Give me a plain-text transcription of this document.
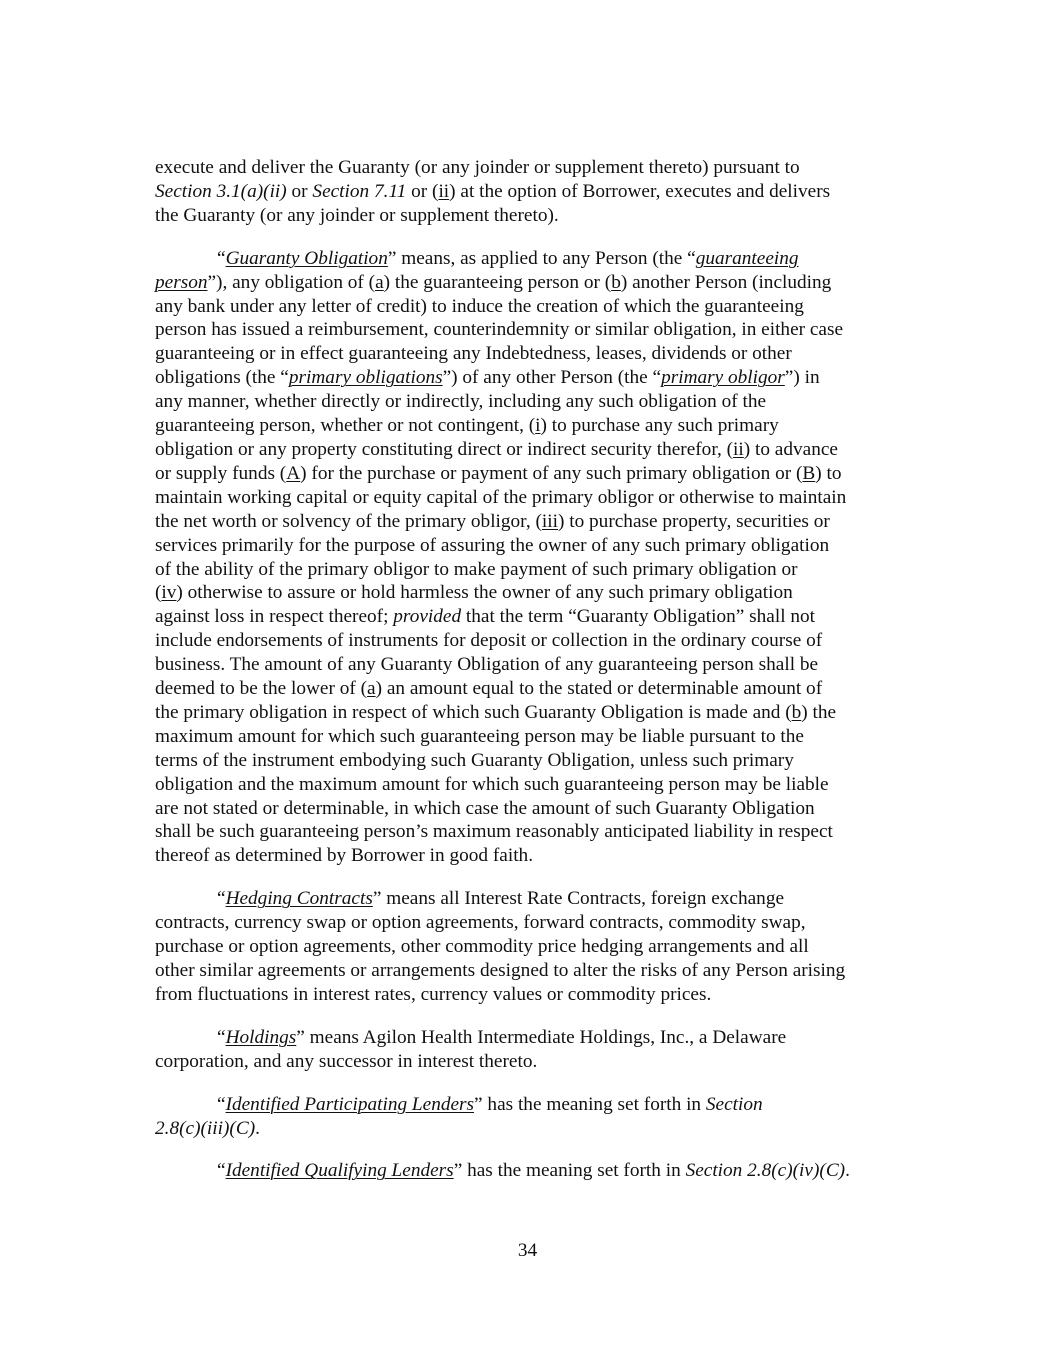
execute and deliver the Guaranty (or any joinder or supplement thereto) pursuant to
Section 3.1(a)(ii) or Section 7.11 or (ii) at the option of Borrower, executes and delivers
the Guaranty (or any joinder or supplement thereto).
“Guaranty Obligation” means, as applied to any Person (the “guaranteeing
person”), any obligation of (a) the guaranteeing person or (b) another Person (including
any bank under any letter of credit) to induce the creation of which the guaranteeing
person has issued a reimbursement, counterindemnity or similar obligation, in either case
guaranteeing or in effect guaranteeing any Indebtedness, leases, dividends or other
obligations (the “primary obligations”) of any other Person (the “primary obligor”) in
any manner, whether directly or indirectly, including any such obligation of the
guaranteeing person, whether or not contingent, (i) to purchase any such primary
obligation or any property constituting direct or indirect security therefor, (ii) to advance
or supply funds (A) for the purchase or payment of any such primary obligation or (B) to
maintain working capital or equity capital of the primary obligor or otherwise to maintain
the net worth or solvency of the primary obligor, (iii) to purchase property, securities or
services primarily for the purpose of assuring the owner of any such primary obligation
of the ability of the primary obligor to make payment of such primary obligation or
(iv) otherwise to assure or hold harmless the owner of any such primary obligation
against loss in respect thereof; provided that the term “Guaranty Obligation” shall not
include endorsements of instruments for deposit or collection in the ordinary course of
business. The amount of any Guaranty Obligation of any guaranteeing person shall be
deemed to be the lower of (a) an amount equal to the stated or determinable amount of
the primary obligation in respect of which such Guaranty Obligation is made and (b) the
maximum amount for which such guaranteeing person may be liable pursuant to the
terms of the instrument embodying such Guaranty Obligation, unless such primary
obligation and the maximum amount for which such guaranteeing person may be liable
are not stated or determinable, in which case the amount of such Guaranty Obligation
shall be such guaranteeing person’s maximum reasonably anticipated liability in respect
thereof as determined by Borrower in good faith.
“Hedging Contracts” means all Interest Rate Contracts, foreign exchange
contracts, currency swap or option agreements, forward contracts, commodity swap,
purchase or option agreements, other commodity price hedging arrangements and all
other similar agreements or arrangements designed to alter the risks of any Person arising
from fluctuations in interest rates, currency values or commodity prices.
“Holdings” means Agilon Health Intermediate Holdings, Inc., a Delaware
corporation, and any successor in interest thereto.
“Identified Participating Lenders” has the meaning set forth in Section
2.8(c)(iii)(C).
“Identified Qualifying Lenders” has the meaning set forth in Section 2.8(c)(iv)(C).
34
